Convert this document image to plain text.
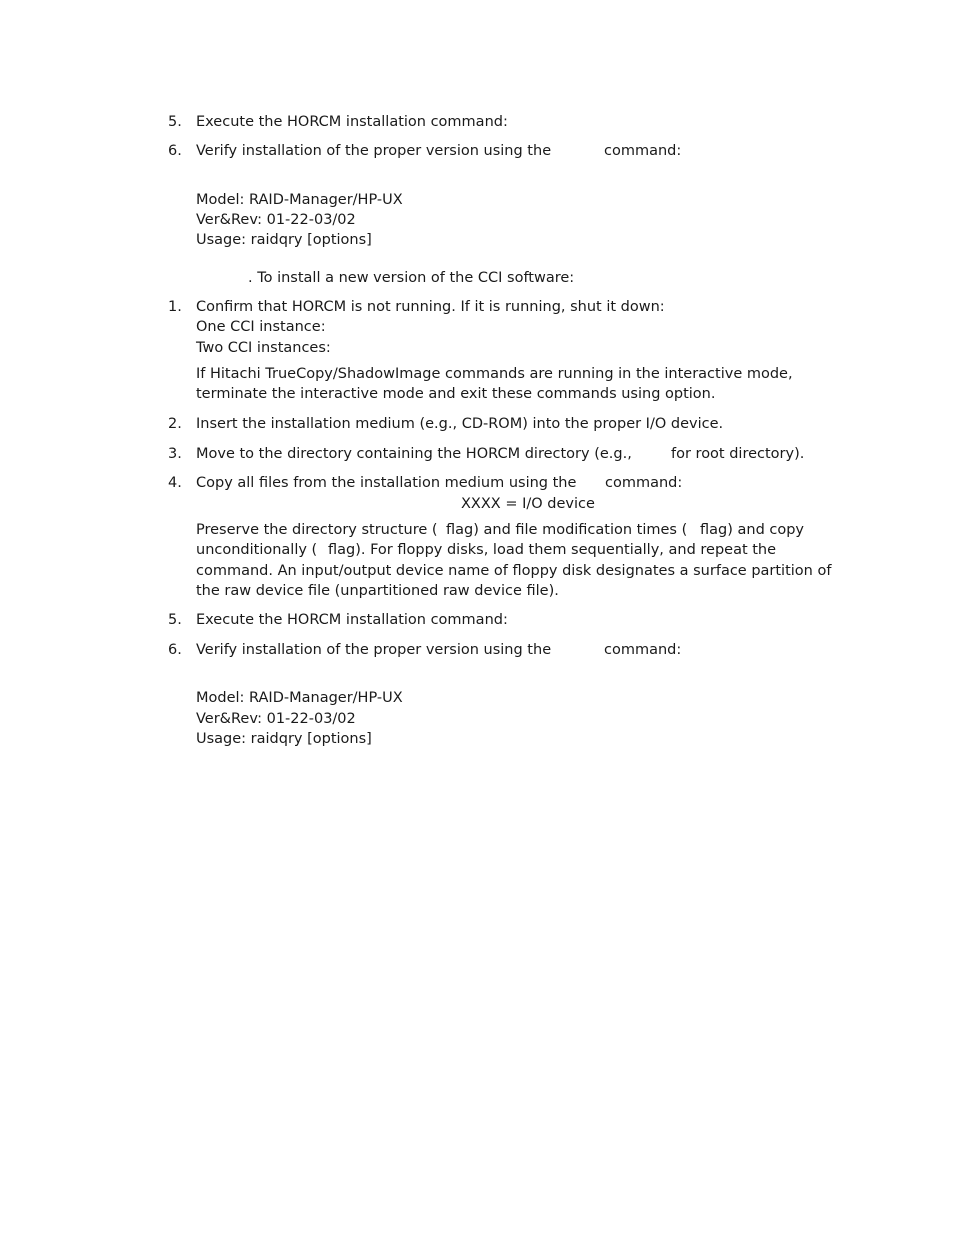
5. Execute the HORCM installation command:
6. Verify installation of the proper version using the	command:
Model: RAID-Manager/HP-UX
Ver&Rev: 01-22-03/02
Usage: raidqry [options]
. To install a new version of the CCI software:
1. Confirm that HORCM is not running. If it is running, shut it down:
One CCI instance:
Two CCI instances:
If Hitachi TrueCopy/ShadowImage commands are running in the interactive mode,
terminate the interactive mode and exit these commands using option.
2. Insert the installation medium (e.g., CD-ROM) into the proper I/O device.
3. Move to the directory containing the HORCM directory (e.g.,	for root directory).
4. Copy all files from the installation medium using the command:
XXXX = I/O device
Preserve the directory structure ( flag) and file modification times ( flag) and copy
unconditionally ( flag). For floppy disks, load them sequentially, and repeat the
command. An input/output device name of floppy disk designates a surface partition of
the raw device file (unpartitioned raw device file).
5. Execute the HORCM installation command:
6. Verify installation of the proper version using the	command:
Model: RAID-Manager/HP-UX
Ver&Rev: 01-22-03/02
Usage: raidqry [options]
